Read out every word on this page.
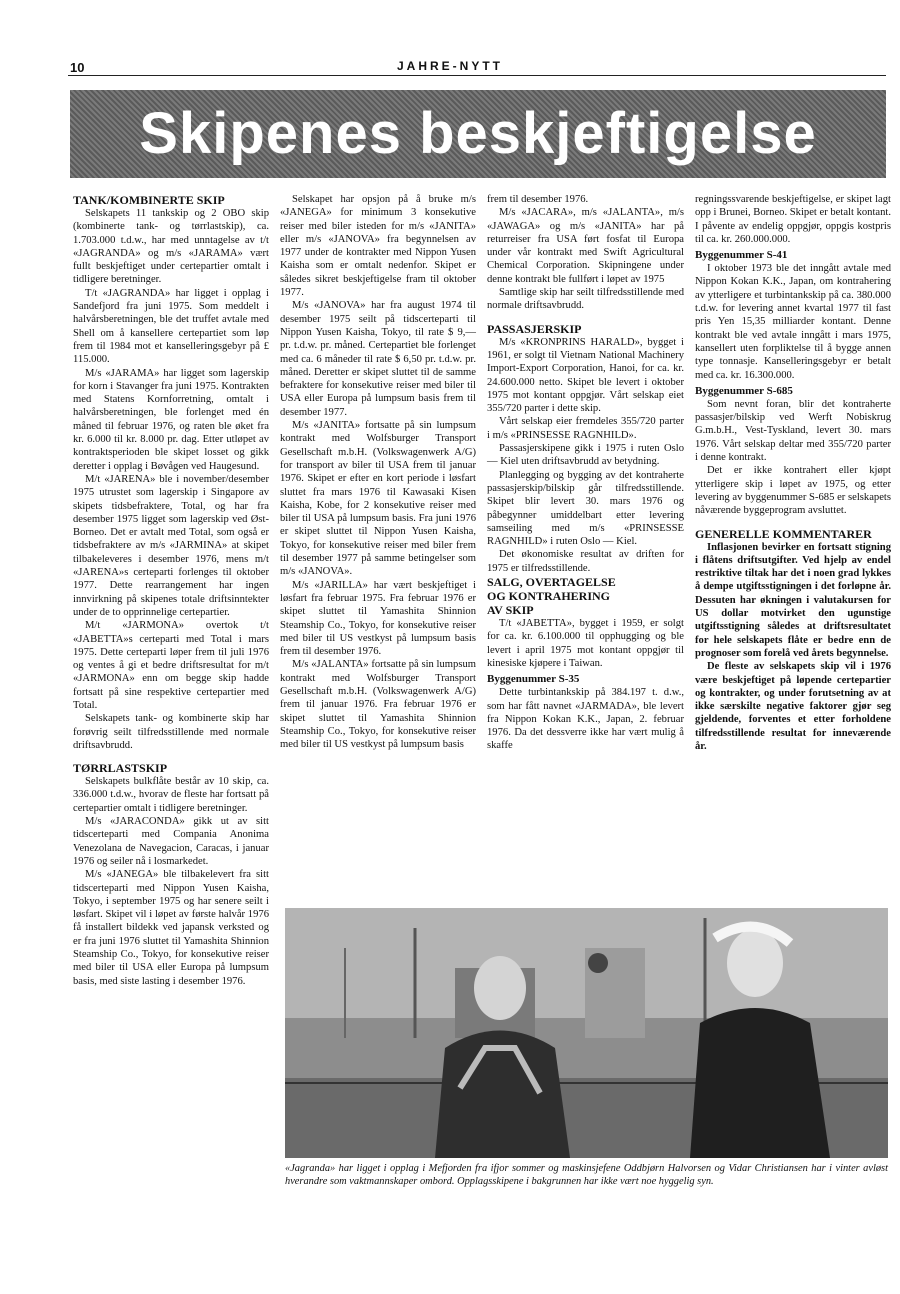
10	JAHRE-NYTT
Skipenes beskjeftigelse
TANK/KOMBINERTE SKIP

Selskapets 11 tankskip og 2 OBO skip (kombinerte tank- og tørrlastskip), ca. 1.703.000 t.d.w., har med unntagelse av t/t «JAGRANDA» og m/s «JARAMA» vært fullt beskjeftiget under certepartier omtalt i tidligere beretninger.

T/t «JAGRANDA» har ligget i opplag i Sandefjord fra juni 1975. Som meddelt i halvårsberetningen, ble det truffet avtale med Shell om å kansellere certepartiet som løp frem til 1984 mot et kanselleringsgebyr på £ 115.000.

M/s «JARAMA» har ligget som lagerskip for korn i Stavanger fra juni 1975. Kontrakten med Statens Kornforretning, omtalt i halvårsberetningen, ble forlenget med én måned til februar 1976, og raten ble øket fra kr. 6.000 til kr. 8.000 pr. dag. Etter utløpet av kontraktsperioden ble skipet losset og gikk deretter i opplag i Bøvågen ved Haugesund.

M/t «JARENA» ble i november/desember 1975 utrustet som lagerskip i Singapore av skipets tidsbefraktere, Total, og har fra desember 1975 ligget som lagerskip ved Øst-Borneo. Det er avtalt med Total, som også er tidsbefraktere av m/s «JARMINA» at skipet tilbakeleveres i desember 1976, mens m/t «JARENA»s certeparti forlenges til oktober 1977. Dette rearrangement har ingen innvirkning på skipenes totale driftsinntekter under de to opprinnelige certepartier.

M/t «JARMONA» overtok t/t «JABETTA»s certeparti med Total i mars 1975. Dette certeparti løper frem til juli 1976 og ventes å gi et bedre driftsresultat for m/t «JARMONA» enn om begge skip hadde fortsatt på sine respektive certepartier med Total.

Selskapets tank- og kombinerte skip har forøvrig seilt tilfredsstillende med normale driftsavbrudd.

TØRRLASTSKIP

Selskapets bulkflåte består av 10 skip, ca. 336.000 t.d.w., hvorav de fleste har fortsatt på certepartier omtalt i tidligere beretninger.

M/s «JARACONDA» gikk ut av sitt tidscerteparti med Compania Anonima Venezolana de Navegacion, Caracas, i januar 1976 og seiler nå i losmarkedet.

M/s «JANEGA» ble tilbakelevert fra sitt tidscerteparti med Nippon Yusen Kaisha, Tokyo, i september 1975 og har senere seilt i løsfart. Skipet vil i løpet av første halvår 1976 få installert bildekk ved japansk verksted og er fra juni 1976 sluttet til Yamashita Shinnion Steamship Co., Tokyo, for konsekutive reiser med biler til USA eller Europa på lumpsum basis, med siste lasting i desember 1976.

Selskapet har opsjon på å bruke m/s «JANEGA» for minimum 3 konsekutive reiser med biler isteden for m/s «JANITA» eller m/s «JANOVA» fra begynnelsen av 1977 under de kontrakter med Nippon Yusen Kaisha som er omtalt nedenfor. Skipet er således sikret beskjeftigelse fram til oktober 1977.

M/s «JANOVA» har fra august 1974 til desember 1975 seilt på tidscerteparti til Nippon Yusen Kaisha, Tokyo, til rate $ 9,— pr. t.d.w. pr. måned. Certepartiet ble forlenget med ca. 6 måneder til rate $ 6,50 pr. t.d.w. pr. måned. Deretter er skipet sluttet til de samme befraktere for konsekutive reiser med biler til USA eller Europa på lumpsum basis frem til desember 1977.

M/s «JANITA» fortsatte på sin lumpsum kontrakt med Wolfsburger Transport Gesellschaft m.b.H. (Volkswagenwerk A/G) for transport av biler til USA frem til januar 1976. Skipet er efter en kort periode i løsfart sluttet fra mars 1976 til Kawasaki Kisen Kaisha, Kobe, for 2 konsekutive reiser med biler til USA på lumpsum basis. Fra juni 1976 er skipet sluttet til Nippon Yusen Kaisha, Tokyo, for konsekutive reiser med biler frem til desember 1977 på samme betingelser som m/s «JANOVA».

M/s «JARILLA» har vært beskjeftiget i løsfart fra februar 1975. Fra februar 1976 er skipet sluttet til Yamashita Shinnion Steamship Co., Tokyo, for konsekutive reiser med biler til US vestkyst på lumpsum basis frem til desember 1976.

M/s «JALANTA» fortsatte på sin lumpsum kontrakt med Wolfsburger Transport Gesellschaft m.b.H. (Volkswagenwerk A/G) frem til januar 1976. Fra februar 1976 er skipet sluttet til Yamashita Shinnion Steamship Co., Tokyo, for konsekutive reiser med biler til US vestkyst på lumpsum basis

frem til desember 1976.

M/s «JACARA», m/s «JALANTA», m/s «JAWAGA» og m/s «JANITA» har på returreiser fra USA ført fosfat til Europa under vår kontrakt med Swift Agricultural Chemical Corporation. Skipningene under denne kontrakt ble fullført i løpet av 1975

Samtlige skip har seilt tilfredsstillende med normale driftsavbrudd.

PASSASJERSKIP

M/s «KRONPRINS HARALD», bygget i 1961, er solgt til Vietnam National Machinery Import-Export Corporation, Hanoi, for ca. kr. 24.600.000 netto. Skipet ble levert i oktober 1975 mot kontant oppgjør. Vårt selskap eiet 355/720 parter i dette skip.

Vårt selskap eier fremdeles 355/720 parter i m/s «PRINSESSE RAGNHILD».

Passasjerskipene gikk i 1975 i ruten Oslo — Kiel uten driftsavbrudd av betydning.

Planlegging og bygging av det kontraherte passasjerskip/bilskip går tilfredsstillende. Skipet blir levert 30. mars 1976 og påbegynner umiddelbart etter levering samseiling med m/s «PRINSESSE RAGNHILD» i ruten Oslo — Kiel.

Det økonomiske resultat av driften for 1975 er tilfredsstillende.

SALG, OVERTAGELSE
OG KONTRAHERING
AV SKIP

T/t «JABETTA», bygget i 1959, er solgt for ca. kr. 6.100.000 til opphugging og ble levert i april 1975 mot kontant oppgjør til kinesiske kjøpere i Taiwan.

Byggenummer S-35

Dette turbintankskip på 384.197 t. d.w., som har fått navnet «JARMADA», ble levert fra Nippon Kokan K.K., Japan, 2. februar 1976. Da det dessverre ikke har vært mulig å skaffe

regningssvarende beskjeftigelse, er skipet lagt opp i Brunei, Borneo. Skipet er betalt kontant. I påvente av endelig oppgjør, oppgis kostpris til ca. kr. 260.000.000.

Byggenummer S-41

I oktober 1973 ble det inngått avtale med Nippon Kokan K.K., Japan, om kontrahering av ytterligere et turbintankskip på ca. 380.000 t.d.w. for levering annet kvartal 1977 til fast pris Yen 15,35 milliarder kontant. Denne kontrakt ble ved avtale inngått i mars 1975, kansellert uten forpliktelse til å bygge annen type tonnasje. Kanselleringsgebyr er betalt med ca. kr. 16.300.000.

Byggenummer S-685

Som nevnt foran, blir det kontraherte passasjer/bilskip ved Werft Nobiskrug G.m.b.H., Vest-Tyskland, levert 30. mars 1976. Vårt selskap deltar med 355/720 parter i denne kontrakt.

Det er ikke kontrahert eller kjøpt ytterligere skip i løpet av 1975, og etter levering av byggenummer S-685 er selskapets nåværende byggeprogram avsluttet.

GENERELLE KOMMENTARER

Inflasjonen bevirker en fortsatt stigning i flåtens driftsutgifter. Ved hjelp av endel restriktive tiltak har det i noen grad lykkes å dempe utgiftsstigningen i det forløpne år. Dessuten har økningen i valutakursen for US dollar motvirket den ugunstige utgiftsstigning således at driftsresultatet for hele selskapets flåte er bedre enn de prognoser som forelå ved årets begynnelse.

De fleste av selskapets skip vil i 1976 være beskjeftiget på løpende certepartier og kontrakter, og under forutsetning av at ikke særskilte negative faktorer gjør seg gjeldende, forventes et etter forholdene tilfredsstillende resultat for inneværende år.

«Jagranda» har ligget i opplag i Mefjorden fra ifjor sommer og maskinsjefene Oddbjørn Halvorsen og Vidar Christiansen har i vinter avløst hverandre som vaktmannskaper ombord. Opplagsskipene i bakgrunnen har ikke vært noe hyggelig syn.
